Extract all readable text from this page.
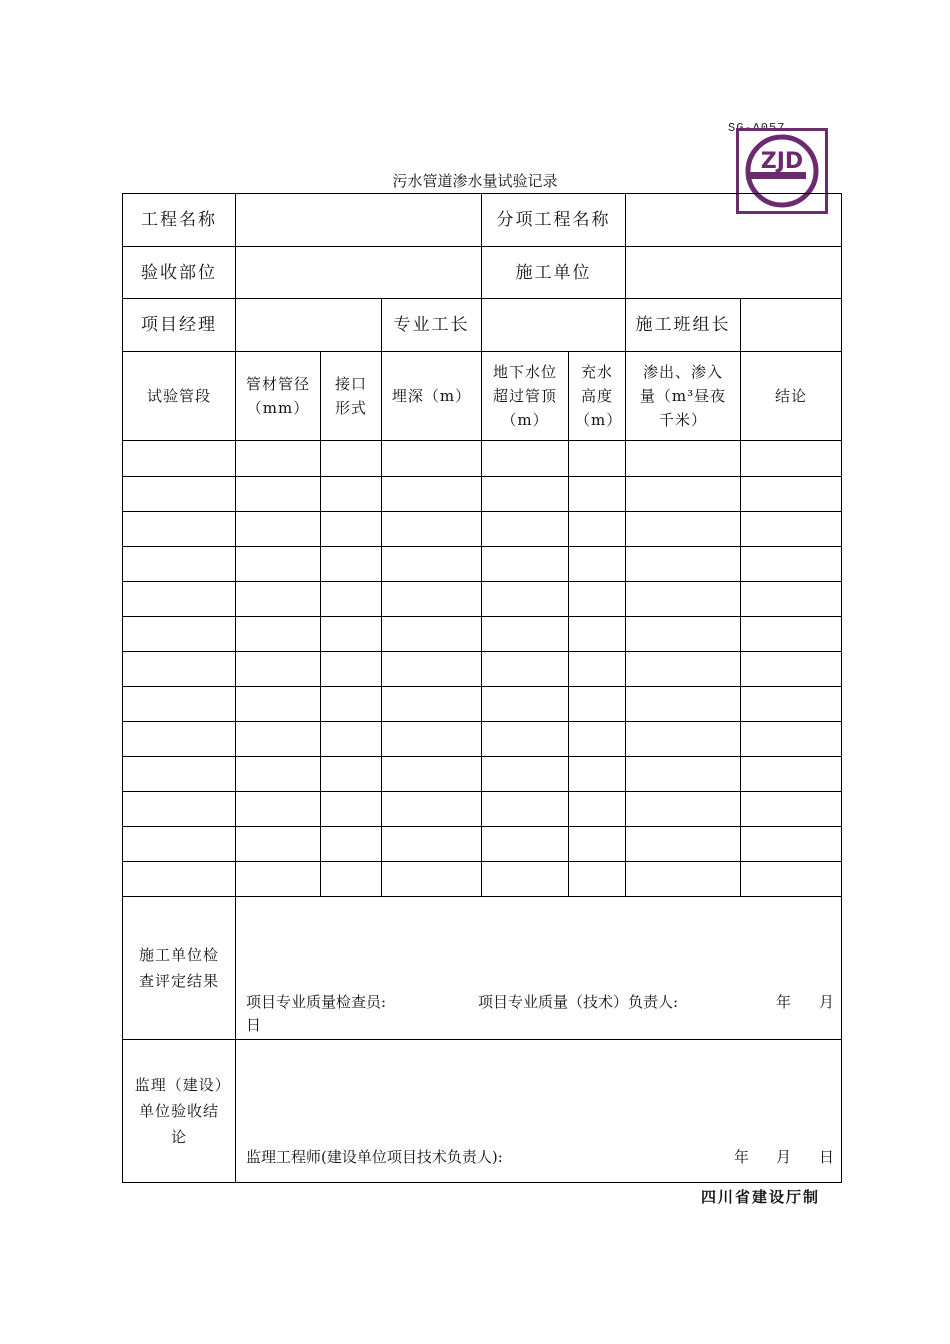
SG-A057
ZJD
污水管道渗水量试验记录
工程名称				分项工程名称			
验收部位				施工单位			
项目经理			专业工长			施工班组长	
试验管段	管材管径（mm）	接口形式	埋深（m）	地下水位超过管顶（m）	充水高度（m）	渗出、渗入量（m³昼夜千米）	结论

施工单位检查评定结果	项目专业质量检查员: 项目专业质量（技术）负责人: 年 月
日						

监理（建设）单位验收结论	监理工程师(建设单位项目技术负责人): 年 月 日						
四川省建设厅制
